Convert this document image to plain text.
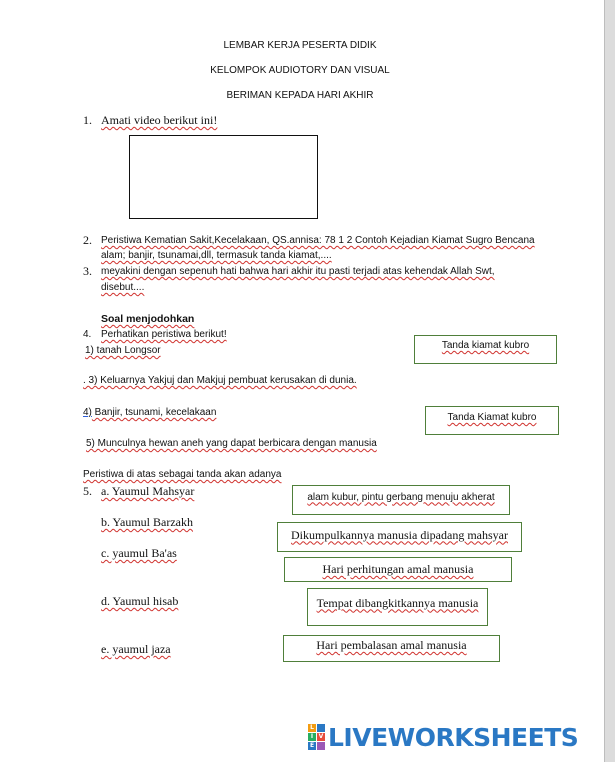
LEMBAR KERJA PESERTA DIDIK
KELOMPOK AUDIOTORY DAN VISUAL
BERIMAN KEPADA HARI AKHIR
1. Amati video berikut ini!
2. Peristiwa Kematian Sakit,Kecelakaan, QS.annisa: 78 1 2 Contoh Kejadian Kiamat Sugro Bencana
alam; banjir, tsunamai,dll, termasuk tanda kiamat,....
3. meyakini dengan sepenuh hati bahwa hari akhir itu pasti terjadi atas kehendak Allah Swt,
disebut....
Soal menjodohkan
4. Perhatikan peristiwa berikut!
1) tanah Longsor
. 3) Keluarnya Yakjuj dan Makjuj pembuat kerusakan di dunia.
4) Banjir, tsunami, kecelakaan
5) Munculnya hewan aneh yang dapat berbicara dengan manusia
Tanda kiamat kubro
Tanda Kiamat kubro
Peristiwa di atas sebagai tanda akan adanya
5. a. Yaumul Mahsyar
b. Yaumul Barzakh
c. yaumul Ba'as
d. Yaumul hisab
e. yaumul jaza
alam kubur, pintu gerbang menuju akherat
Dikumpulkannya manusia dipadang mahsyar
Hari perhitungan amal manusia
Tempat dibangkitkannya manusia
Hari pembalasan amal manusia
L
I V
E LIVEWORKSHEETS
